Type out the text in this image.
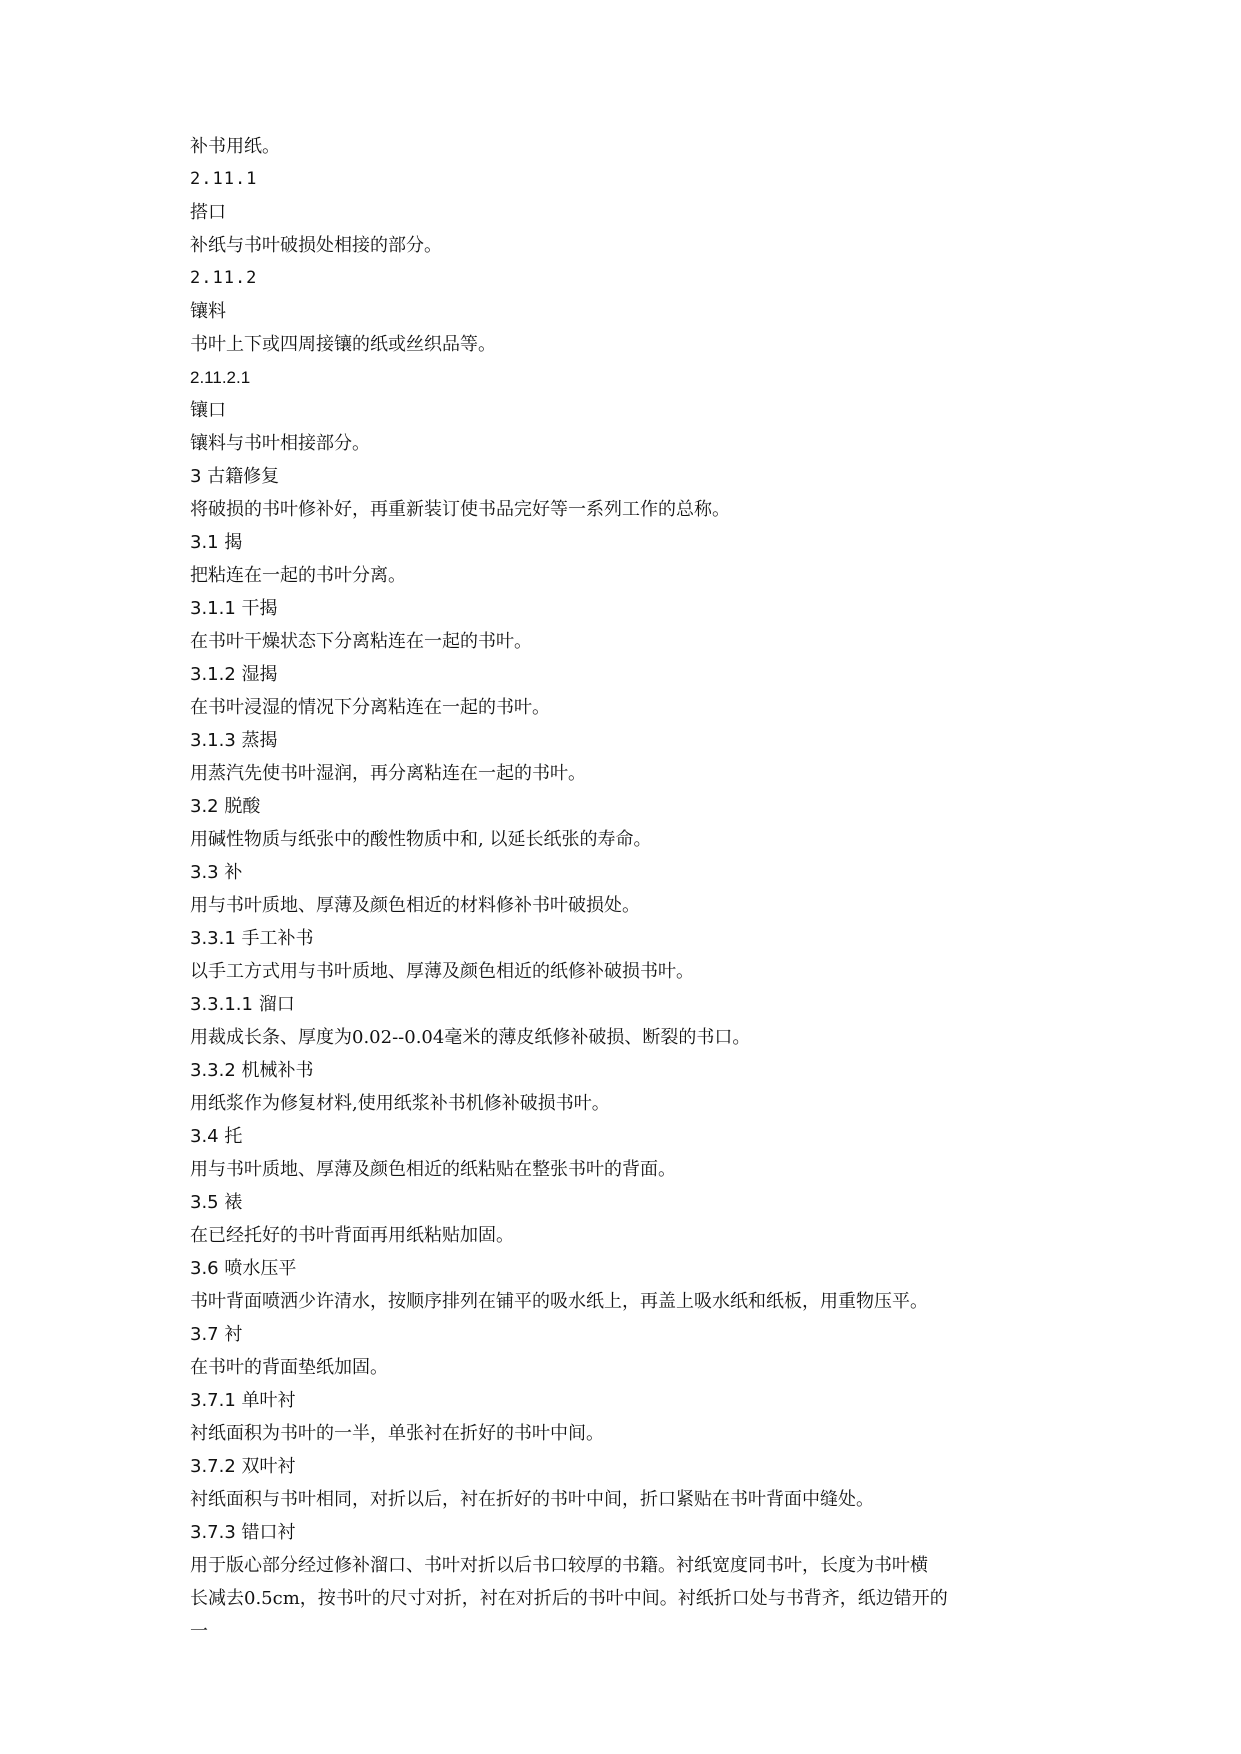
补书用纸。

2.11.1

搭口

补纸与书叶破损处相接的部分。

2.11.2

镶料

书叶上下或四周接镶的纸或丝织品等。

2.11.2.1

镶口

镶料与书叶相接部分。

3 古籍修复

将破损的书叶修补好，再重新装订使书品完好等一系列工作的总称。

3.1 揭

把粘连在一起的书叶分离。

3.1.1 干揭

在书叶干燥状态下分离粘连在一起的书叶。

3.1.2 湿揭

在书叶浸湿的情况下分离粘连在一起的书叶。

3.1.3 蒸揭

用蒸汽先使书叶湿润，再分离粘连在一起的书叶。

3.2 脱酸

用碱性物质与纸张中的酸性物质中和, 以延长纸张的寿命。

3.3 补

用与书叶质地、厚薄及颜色相近的材料修补书叶破损处。

3.3.1 手工补书

以手工方式用与书叶质地、厚薄及颜色相近的纸修补破损书叶。

3.3.1.1 溜口

用裁成长条、厚度为0.02--0.04毫米的薄皮纸修补破损、断裂的书口。

3.3.2 机械补书

用纸浆作为修复材料,使用纸浆补书机修补破损书叶。

3.4 托

用与书叶质地、厚薄及颜色相近的纸粘贴在整张书叶的背面。

3.5 裱

在已经托好的书叶背面再用纸粘贴加固。

3.6 喷水压平

书叶背面喷洒少许清水，按顺序排列在铺平的吸水纸上，再盖上吸水纸和纸板，用重物压平。

3.7 衬

在书叶的背面垫纸加固。

3.7.1 单叶衬

衬纸面积为书叶的一半，单张衬在折好的书叶中间。

3.7.2 双叶衬

衬纸面积与书叶相同，对折以后，衬在折好的书叶中间，折口紧贴在书叶背面中缝处。

3.7.3 错口衬

用于版心部分经过修补溜口、书叶对折以后书口较厚的书籍。衬纸宽度同书叶，长度为书叶横

长减去0.5cm，按书叶的尺寸对折，衬在对折后的书叶中间。衬纸折口处与书背齐，纸边错开的

一
